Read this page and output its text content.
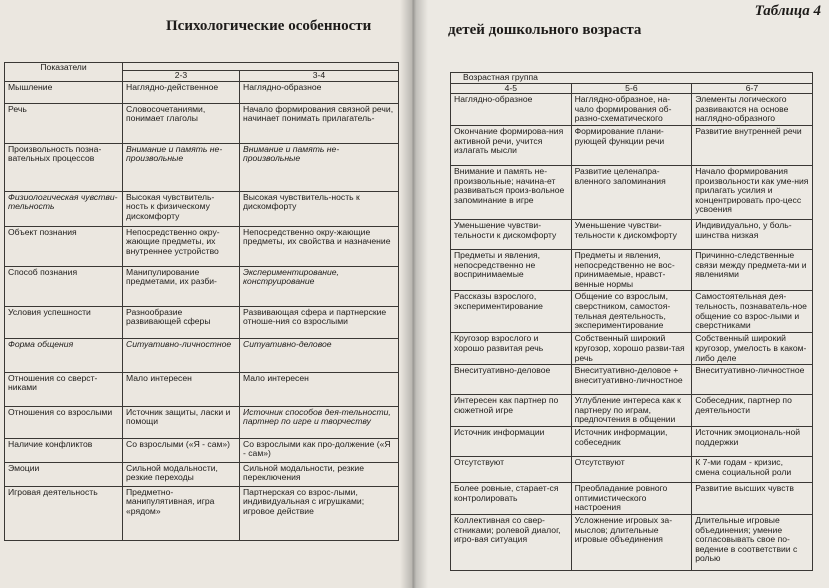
Психологические особенности
Показатели		
	2-3	3-4
Мышление	Наглядно-действенное	Наглядно-образное
Речь	Словосочетаниями, понимает глаголы	Начало формирования связной речи, начинает понимать прилагатель-
Произвольность позна-вательных процессов	Внимание и память не-произвольные	Внимание и память не-произвольные
Физиологическая чувстви-тельность	Высокая чувствитель-ность к физическому дискомфорту	Высокая чувствитель-ность к дискомфорту
Объект познания	Непосредственно окру-жающие предметы, их внутреннее устройство	Непосредственно окру-жающие предметы, их свойства и назначение
Способ познания	Манипулирование предметами, их разби-	Экспериментирование, конструирование
Условия успешности	Разнообразие развивающей сферы	Развивающая сфера и партнерские отноше-ния со взрослыми
Форма общения	Ситуативно-личностное	Ситуативно-деловое
Отношения со сверст-никами	Мало интересен	Мало интересен
Отношения со взрослыми	Источник защиты, ласки и помощи	Источник способов дея-тельности, партнер по игре и творчеству
Наличие конфликтов	Со взрослыми («Я - сам»)	Со взрослыми как про-должение («Я - сам»)
Эмоции	Сильной модальности, резкие переходы	Сильной модальности, резкие переключения
Игровая деятельность	Предметно-манипулятивная, игра «рядом»	Партнерская со взрос-лыми, индивидуальная с игрушками; игровое действие
детей дошкольного возраста
Таблица 4
Возрастная группа		
4-5	5-6	6-7
Наглядно-образное	Наглядно-образное, на-чало формирования об-разно-схематического	Элементы логического развиваются на основе наглядно-образного
Окончание формирова-ния активной речи, учится излагать мысли	Формирование плани-рующей функции речи	Развитие внутренней речи
Внимание и память не-произвольные; начина-ет развиваться произ-вольное запоминание в игре	Развитие целенапра-вленного запоминания	Начало формирования произвольности как уме-ния прилагать усилия и концентрировать про-цесс усвоения
Уменьшение чувстви-тельности к дискомфорту	Уменьшение чувстви-тельности к дискомфорту	Индивидуально, у боль-шинства низкая
Предметы и явления, непосредственно не воспринимаемые	Предметы и явления, непосредственно не вос-принимаемые, нравст-венные нормы	Причинно-следственные связи между предмета-ми и явлениями
Рассказы взрослого, экспериментирование	Общение со взрослым, сверстником, самостоя-тельная деятельность, экспериментирование	Самостоятельная дея-тельность, познаватель-ное общение со взрос-лыми и сверстниками
Кругозор взрослого и хорошо развитая речь	Собственный широкий кругозор, хорошо разви-тая речь	Собственный широкий кругозор, умелость в каком-либо деле
Внеситуативно-деловое	Внеситуативно-деловое + внеситуативно-личностное	Внеситуативно-личностное
Интересен как партнер по сюжетной игре	Углубление интереса как к партнеру по играм, предпочтения в общении	Собеседник, партнер по деятельности
Источник информации	Источник информации, собеседник	Источник эмоциональ-ной поддержки
Отсутствуют	Отсутствуют	К 7-ми годам - кризис, смена социальной роли
Более ровные, старает-ся контролировать	Преобладание ровного оптимистического настроения	Развитие высших чувств
Коллективная со свер-стниками; ролевой диалог, игро-вая ситуация	Усложнение игровых за-мыслов; длительные игровые объединения	Длительные игровые объединения; умение согласовывать свое по-ведение в соответствии с ролью
